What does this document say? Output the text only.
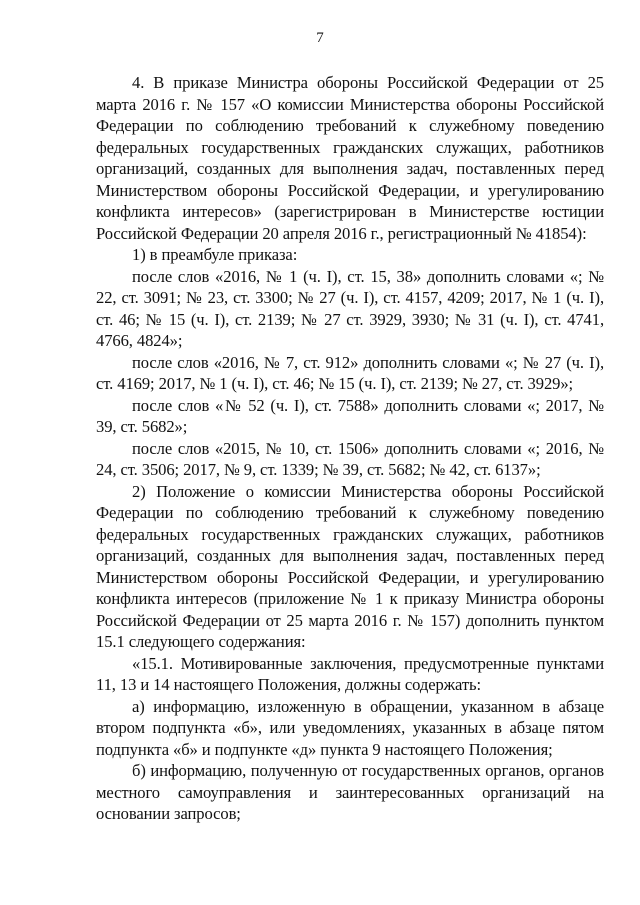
7

4. В приказе Министра обороны Российской Федерации от 25 марта 2016 г. № 157 «О комиссии Министерства обороны Российской Федерации по соблюдению требований к служебному поведению федеральных государственных гражданских служащих, работников организаций, созданных для выполнения задач, поставленных перед Министерством обороны Российской Федерации, и урегулированию конфликта интересов» (зарегистрирован в Министерстве юстиции Российской Федерации 20 апреля 2016 г., регистрационный № 41854):

1) в преамбуле приказа:

после слов «2016, № 1 (ч. I), ст. 15, 38» дополнить словами «; № 22, ст. 3091; № 23, ст. 3300; № 27 (ч. I), ст. 4157, 4209; 2017, № 1 (ч. I), ст. 46; № 15 (ч. I), ст. 2139; № 27 ст. 3929, 3930; № 31 (ч. I), ст. 4741, 4766, 4824»;

после слов «2016, № 7, ст. 912» дополнить словами «; № 27 (ч. I), ст. 4169; 2017, № 1 (ч. I), ст. 46; № 15 (ч. I), ст. 2139; № 27, ст. 3929»;

после слов «№ 52 (ч. I), ст. 7588» дополнить словами «; 2017, № 39, ст. 5682»;

после слов «2015, № 10, ст. 1506» дополнить словами «; 2016, № 24, ст. 3506; 2017, № 9, ст. 1339; № 39, ст. 5682; № 42, ст. 6137»;

2) Положение о комиссии Министерства обороны Российской Федерации по соблюдению требований к служебному поведению федеральных государственных гражданских служащих, работников организаций, созданных для выполнения задач, поставленных перед Министерством обороны Российской Федерации, и урегулированию конфликта интересов (приложение № 1 к приказу Министра обороны Российской Федерации от 25 марта 2016 г. № 157) дополнить пунктом 15.1 следующего содержания:

«15.1. Мотивированные заключения, предусмотренные пунктами 11, 13 и 14 настоящего Положения, должны содержать:

а) информацию, изложенную в обращении, указанном в абзаце втором подпункта «б», или уведомлениях, указанных в абзаце пятом подпункта «б» и подпункте «д» пункта 9 настоящего Положения;

б) информацию, полученную от государственных органов, органов местного самоуправления и заинтересованных организаций на основании запросов;
